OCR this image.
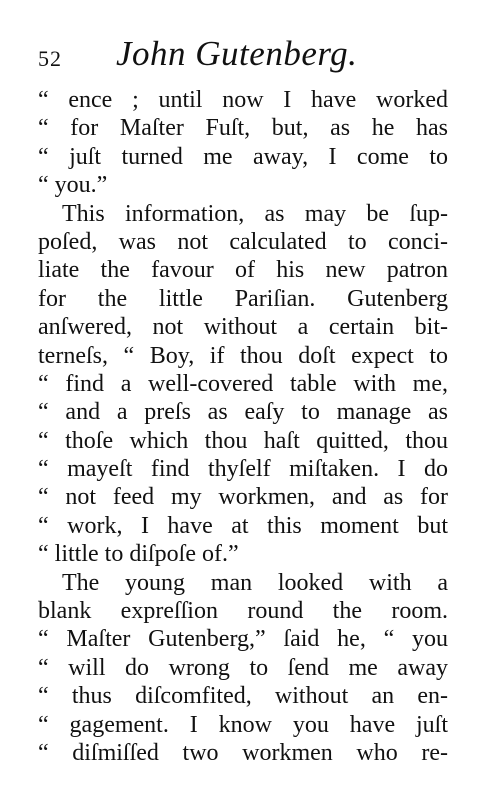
52 John Gutenberg.
“ ence ; until now I have worked
“ for Maſter Fuſt, but, as he has
“ juſt turned me away, I come to
“ you.”
This information, as may be ſup-
poſed, was not calculated to conci-
liate the favour of his new patron
for the little Pariſian. Gutenberg
anſwered, not without a certain bit-
terneſs, “ Boy, if thou doſt expect to
“ find a well-covered table with me,
“ and a preſs as eaſy to manage as
“ thoſe which thou haſt quitted, thou
“ mayeſt find thyſelf miſtaken. I do
“ not feed my workmen, and as for
“ work, I have at this moment but
“ little to diſpoſe of.”
The young man looked with a
blank expreſſion round the room.
“ Maſter Gutenberg,” ſaid he, “ you
“ will do wrong to ſend me away
“ thus diſcomfited, without an en-
“ gagement. I know you have juſt
“ diſmiſſed two workmen who re-
